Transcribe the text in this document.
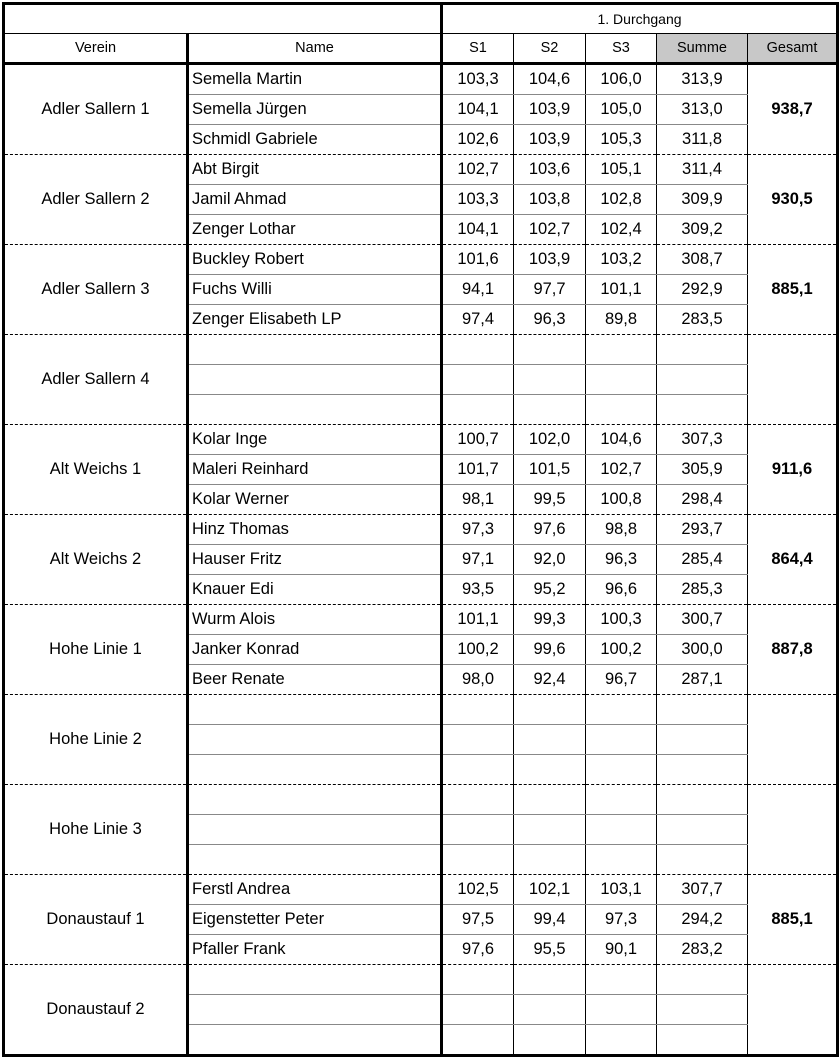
		1. Durchgang				
Verein	Name	S1	S2	S3	Summe	Gesamt
Adler Sallern 1	Semella Martin	103,3	104,6	106,0	313,9	938,7
	Semella Jürgen	104,1	103,9	105,0	313,0	
	Schmidl Gabriele	102,6	103,9	105,3	311,8	
Adler Sallern 2	Abt Birgit	102,7	103,6	105,1	311,4	930,5
	Jamil Ahmad	103,3	103,8	102,8	309,9	
	Zenger Lothar	104,1	102,7	102,4	309,2	
Adler Sallern 3	Buckley Robert	101,6	103,9	103,2	308,7	885,1
	Fuchs Willi	94,1	97,7	101,1	292,9	
	Zenger Elisabeth LP	97,4	96,3	89,8	283,5	
Adler Sallern 4						

Alt Weichs 1	Kolar Inge	100,7	102,0	104,6	307,3	911,6
	Maleri Reinhard	101,7	101,5	102,7	305,9	
	Kolar Werner	98,1	99,5	100,8	298,4	
Alt Weichs 2	Hinz Thomas	97,3	97,6	98,8	293,7	864,4
	Hauser Fritz	97,1	92,0	96,3	285,4	
	Knauer Edi	93,5	95,2	96,6	285,3	
Hohe Linie 1	Wurm Alois	101,1	99,3	100,3	300,7	887,8
	Janker Konrad	100,2	99,6	100,2	300,0	
	Beer Renate	98,0	92,4	96,7	287,1	
Hohe Linie 2						

Hohe Linie 3						

Donaustauf 1	Ferstl Andrea	102,5	102,1	103,1	307,7	885,1
	Eigenstetter Peter	97,5	99,4	97,3	294,2	
	Pfaller Frank	97,6	95,5	90,1	283,2	
Donaustauf 2						
